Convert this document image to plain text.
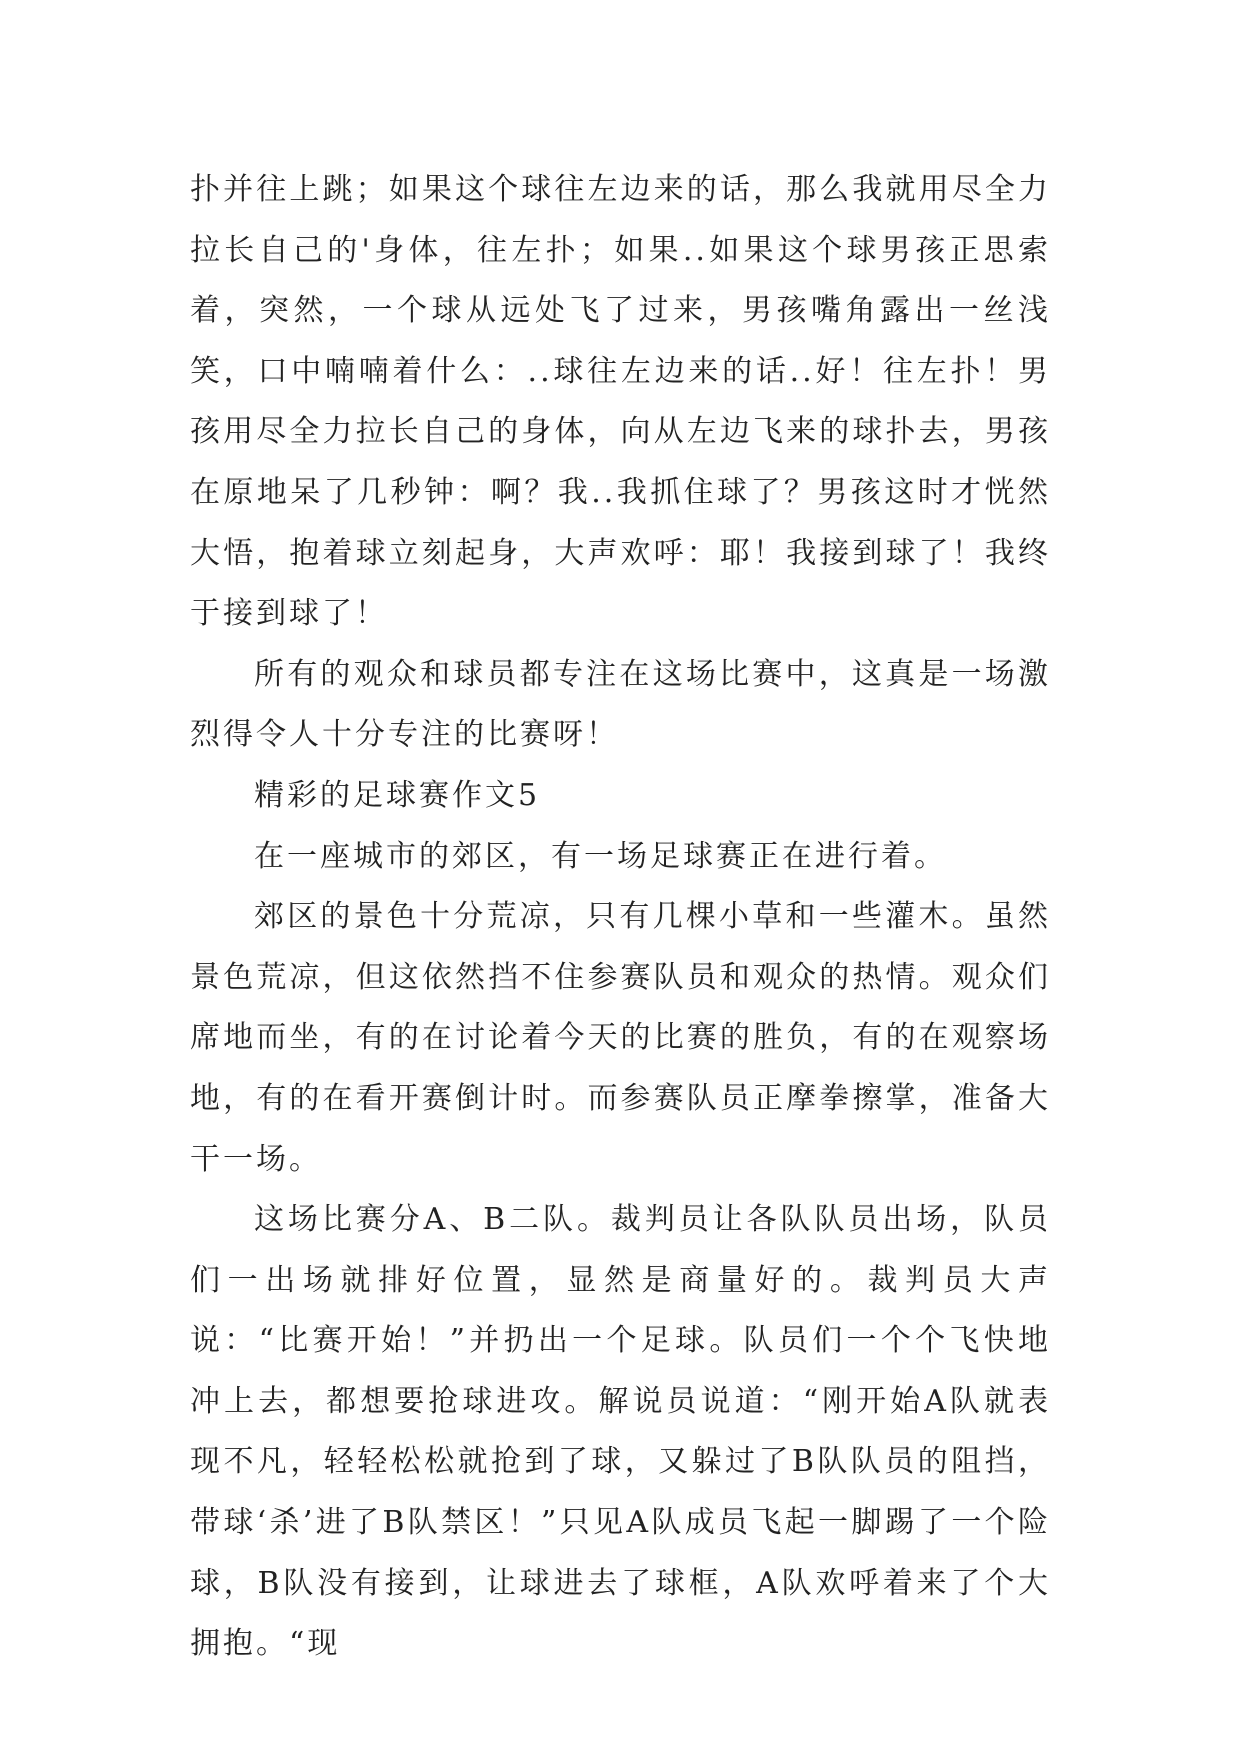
扑并往上跳；如果这个球往左边来的话，那么我就用尽全力拉长自己的'身体，往左扑；如果..如果这个球男孩正思索着，突然，一个球从远处飞了过来，男孩嘴角露出一丝浅笑，口中喃喃着什么：..球往左边来的话..好！往左扑！男孩用尽全力拉长自己的身体，向从左边飞来的球扑去，男孩在原地呆了几秒钟：啊？我..我抓住球了？男孩这时才恍然大悟，抱着球立刻起身，大声欢呼：耶！我接到球了！我终于接到球了！

所有的观众和球员都专注在这场比赛中，这真是一场激烈得令人十分专注的比赛呀！

精彩的足球赛作文5

在一座城市的郊区，有一场足球赛正在进行着。

郊区的景色十分荒凉，只有几棵小草和一些灌木。虽然景色荒凉，但这依然挡不住参赛队员和观众的热情。观众们席地而坐，有的在讨论着今天的比赛的胜负，有的在观察场地，有的在看开赛倒计时。而参赛队员正摩拳擦掌，准备大干一场。

这场比赛分A、B二队。裁判员让各队队员出场，队员们一出场就排好位置，显然是商量好的。裁判员大声说：“比赛开始！”并扔出一个足球。队员们一个个飞快地冲上去，都想要抢球进攻。解说员说道：“刚开始A队就表现不凡，轻轻松松就抢到了球，又躲过了B队队员的阻挡，带球‘杀’进了B队禁区！”只见A队成员飞起一脚踢了一个险球，B队没有接到，让球进去了球框，A队欢呼着来了个大拥抱。“现
